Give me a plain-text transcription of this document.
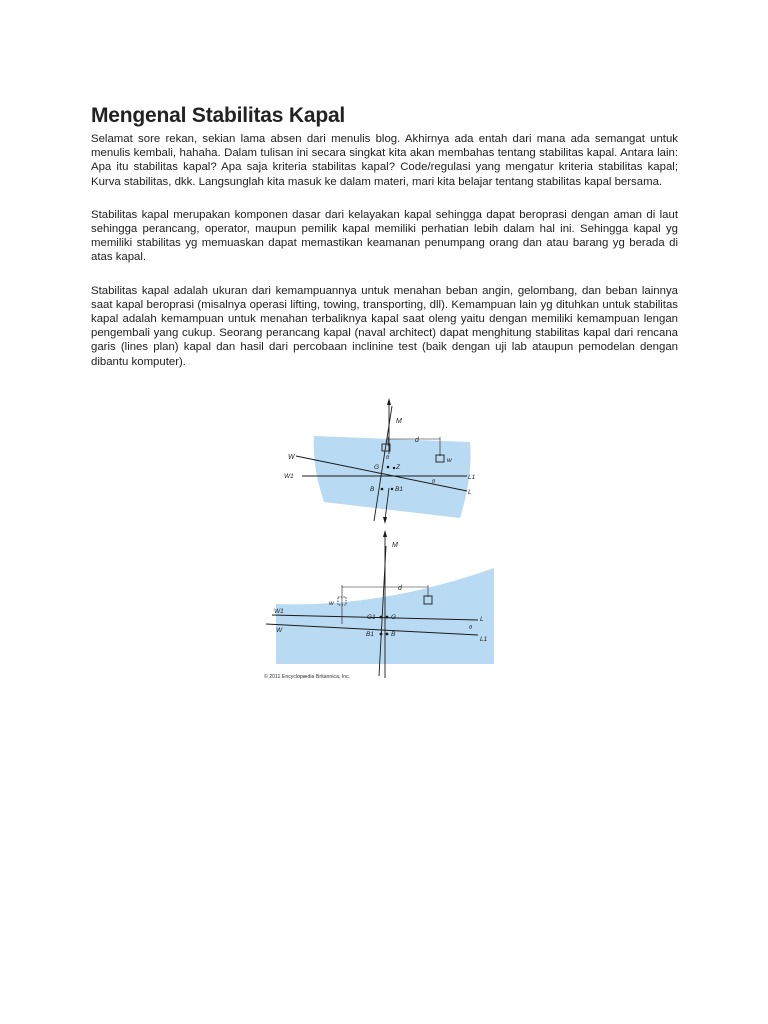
Mengenal Stabilitas Kapal

Selamat sore rekan, sekian lama absen dari menulis blog. Akhirnya ada entah dari mana ada semangat untuk menulis kembali, hahaha. Dalam tulisan ini secara singkat kita akan membahas tentang stabilitas kapal. Antara lain: Apa itu stabilitas kapal? Apa saja kriteria stabilitas kapal? Code/regulasi yang mengatur kriteria stabilitas kapal; Kurva stabilitas, dkk. Langsunglah kita masuk ke dalam materi, mari kita belajar tentang stabilitas kapal bersama.

Stabilitas kapal merupakan komponen dasar dari kelayakan kapal sehingga dapat beroprasi dengan aman di laut sehingga perancang, operator, maupun pemilik kapal memiliki perhatian lebih dalam hal ini. Sehingga kapal yg memiliki stabilitas yg memuaskan dapat memastikan keamanan penumpang orang dan atau barang yg berada di atas kapal.

Stabilitas kapal adalah ukuran dari kemampuannya untuk menahan beban angin, gelombang, dan beban lainnya saat kapal beroprasi (misalnya operasi lifting, towing, transporting, dll). Kemampuan lain yg dituhkan untuk stabilitas kapal adalah kemampuan untuk menahan terbaliknya kapal saat oleng yaitu dengan memiliki kemampuan lengan pengembali yang cukup. Seorang perancang kapal (naval architect) dapat menghitung stabilitas kapal dari rencana garis (lines plan) kapal dan hasil dari percobaan inclinine test (baik dengan uji lab ataupun pemodelan dengan dibantu komputer).

M
d
W	w
θ
G	Z
W1
θ
L1
L
B	B1
M
d
w
W1
G1 G	L
W	θ
L1
B1	B
© 2011 Encyclopædia Britannica, Inc.
